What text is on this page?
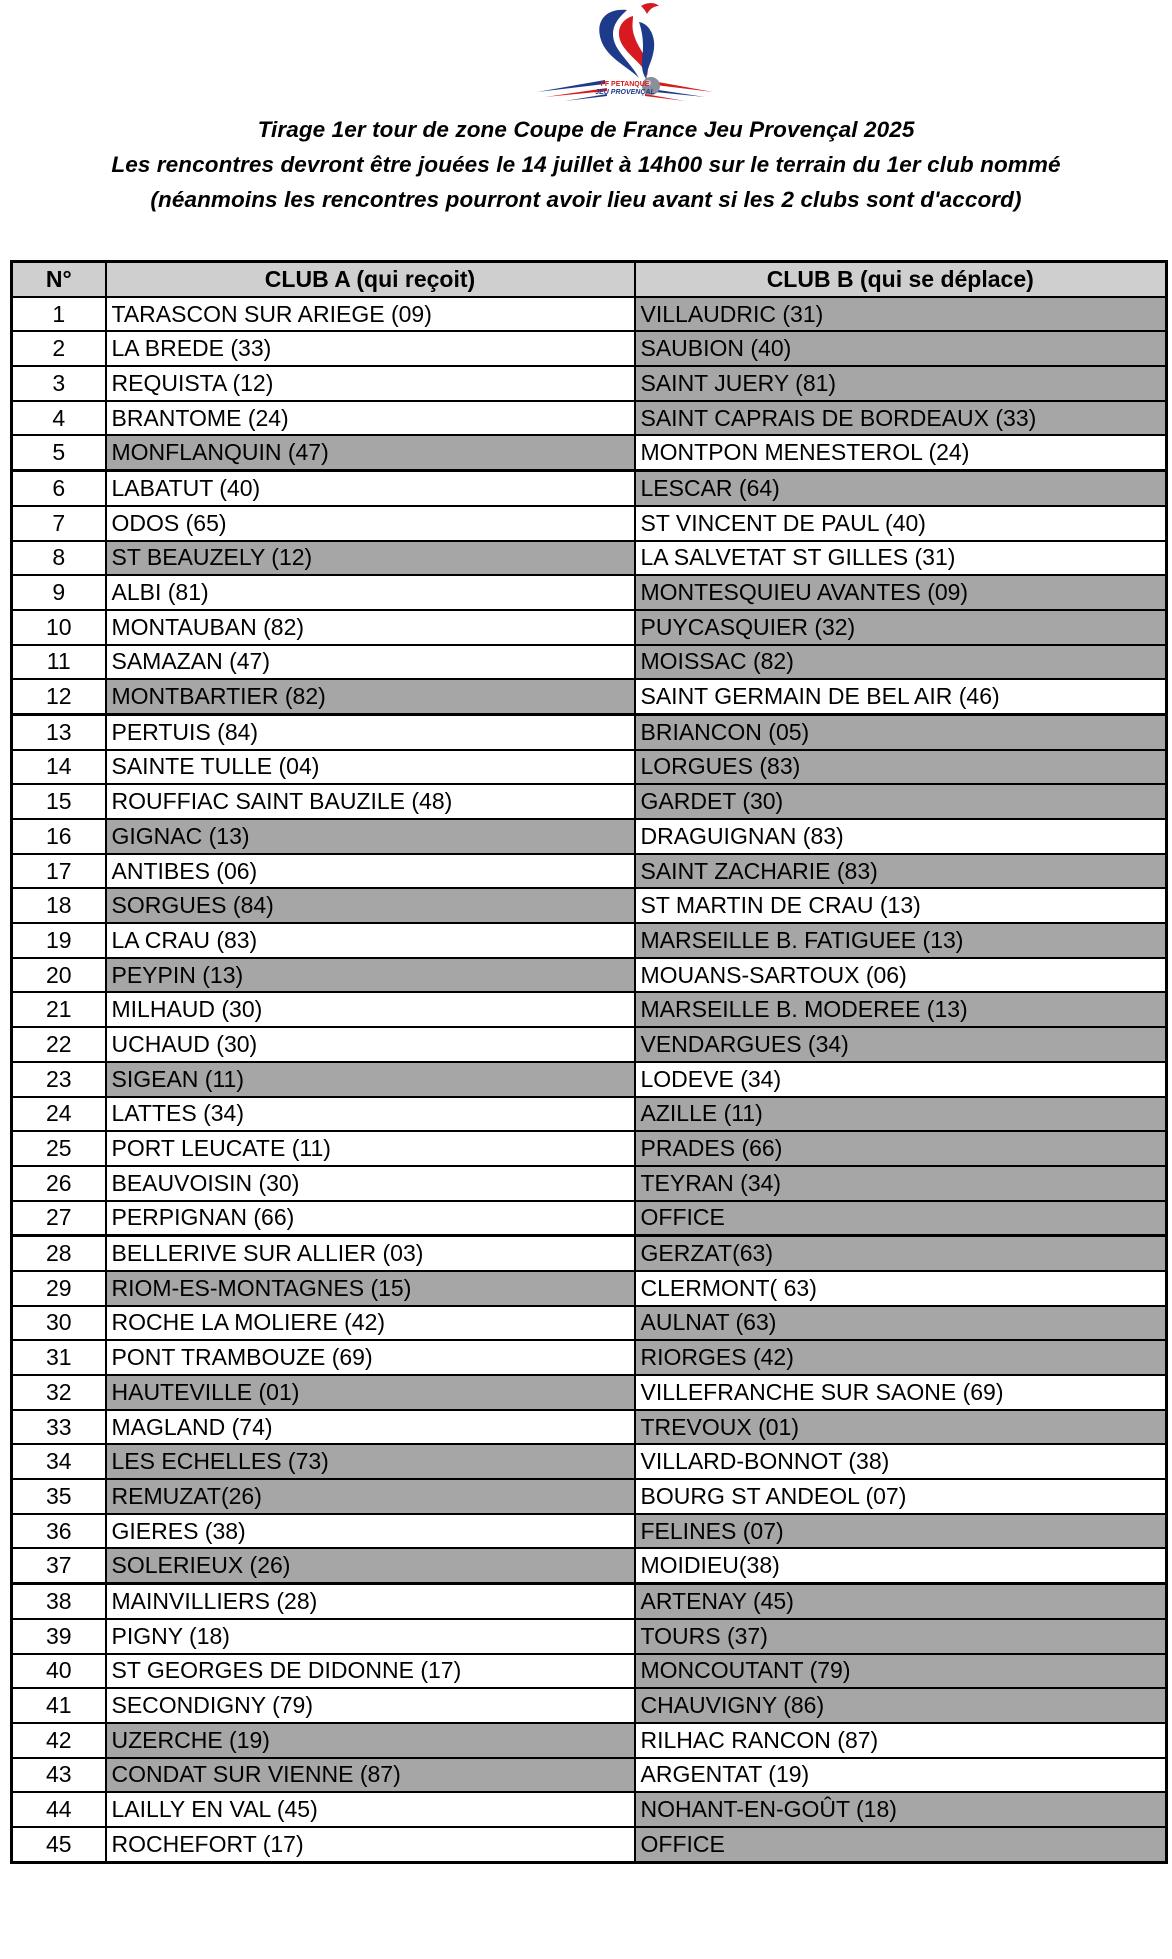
FF PETANQUE
JEU PROVENÇAL
Tirage 1er tour de zone Coupe de France Jeu Provençal 2025
Les rencontres devront être jouées le 14 juillet à 14h00 sur le terrain du 1er club nommé
(néanmoins les rencontres pourront avoir lieu avant si les 2 clubs sont d'accord)
N°	CLUB A (qui reçoit)	CLUB B (qui se déplace)
1	TARASCON SUR ARIEGE (09)	VILLAUDRIC (31)
2	LA BREDE (33)	SAUBION (40)
3	REQUISTA (12)	SAINT JUERY (81)
4	BRANTOME (24)	SAINT CAPRAIS DE BORDEAUX (33)
5	MONFLANQUIN (47)	MONTPON MENESTEROL (24)
6	LABATUT (40)	LESCAR (64)
7	ODOS (65)	ST VINCENT DE PAUL (40)
8	ST BEAUZELY (12)	LA SALVETAT ST GILLES (31)
9	ALBI (81)	MONTESQUIEU AVANTES (09)
10	MONTAUBAN (82)	PUYCASQUIER (32)
11	SAMAZAN (47)	MOISSAC (82)
12	MONTBARTIER (82)	SAINT GERMAIN DE BEL AIR (46)
13	PERTUIS (84)	BRIANCON (05)
14	SAINTE TULLE (04)	LORGUES (83)
15	ROUFFIAC SAINT BAUZILE (48)	GARDET (30)
16	GIGNAC (13)	DRAGUIGNAN (83)
17	ANTIBES (06)	SAINT ZACHARIE (83)
18	SORGUES (84)	ST MARTIN DE CRAU (13)
19	LA CRAU (83)	MARSEILLE B. FATIGUEE (13)
20	PEYPIN (13)	MOUANS-SARTOUX (06)
21	MILHAUD (30)	MARSEILLE B. MODEREE (13)
22	UCHAUD (30)	VENDARGUES (34)
23	SIGEAN (11)	LODEVE (34)
24	LATTES (34)	AZILLE (11)
25	PORT LEUCATE (11)	PRADES (66)
26	BEAUVOISIN (30)	TEYRAN (34)
27	PERPIGNAN (66)	OFFICE
28	BELLERIVE SUR ALLIER (03)	GERZAT(63)
29	RIOM-ES-MONTAGNES (15)	CLERMONT( 63)
30	ROCHE LA MOLIERE (42)	AULNAT (63)
31	PONT TRAMBOUZE (69)	RIORGES (42)
32	HAUTEVILLE (01)	VILLEFRANCHE SUR SAONE (69)
33	MAGLAND (74)	TREVOUX (01)
34	LES ECHELLES (73)	VILLARD-BONNOT (38)
35	REMUZAT(26)	BOURG ST ANDEOL (07)
36	GIERES (38)	FELINES (07)
37	SOLERIEUX (26)	MOIDIEU(38)
38	MAINVILLIERS (28)	ARTENAY (45)
39	PIGNY (18)	TOURS (37)
40	ST GEORGES DE DIDONNE (17)	MONCOUTANT (79)
41	SECONDIGNY (79)	CHAUVIGNY (86)
42	UZERCHE (19)	RILHAC RANCON (87)
43	CONDAT SUR VIENNE (87)	ARGENTAT (19)
44	LAILLY EN VAL (45)	NOHANT-EN-GOÛT (18)
45	ROCHEFORT (17)	OFFICE
